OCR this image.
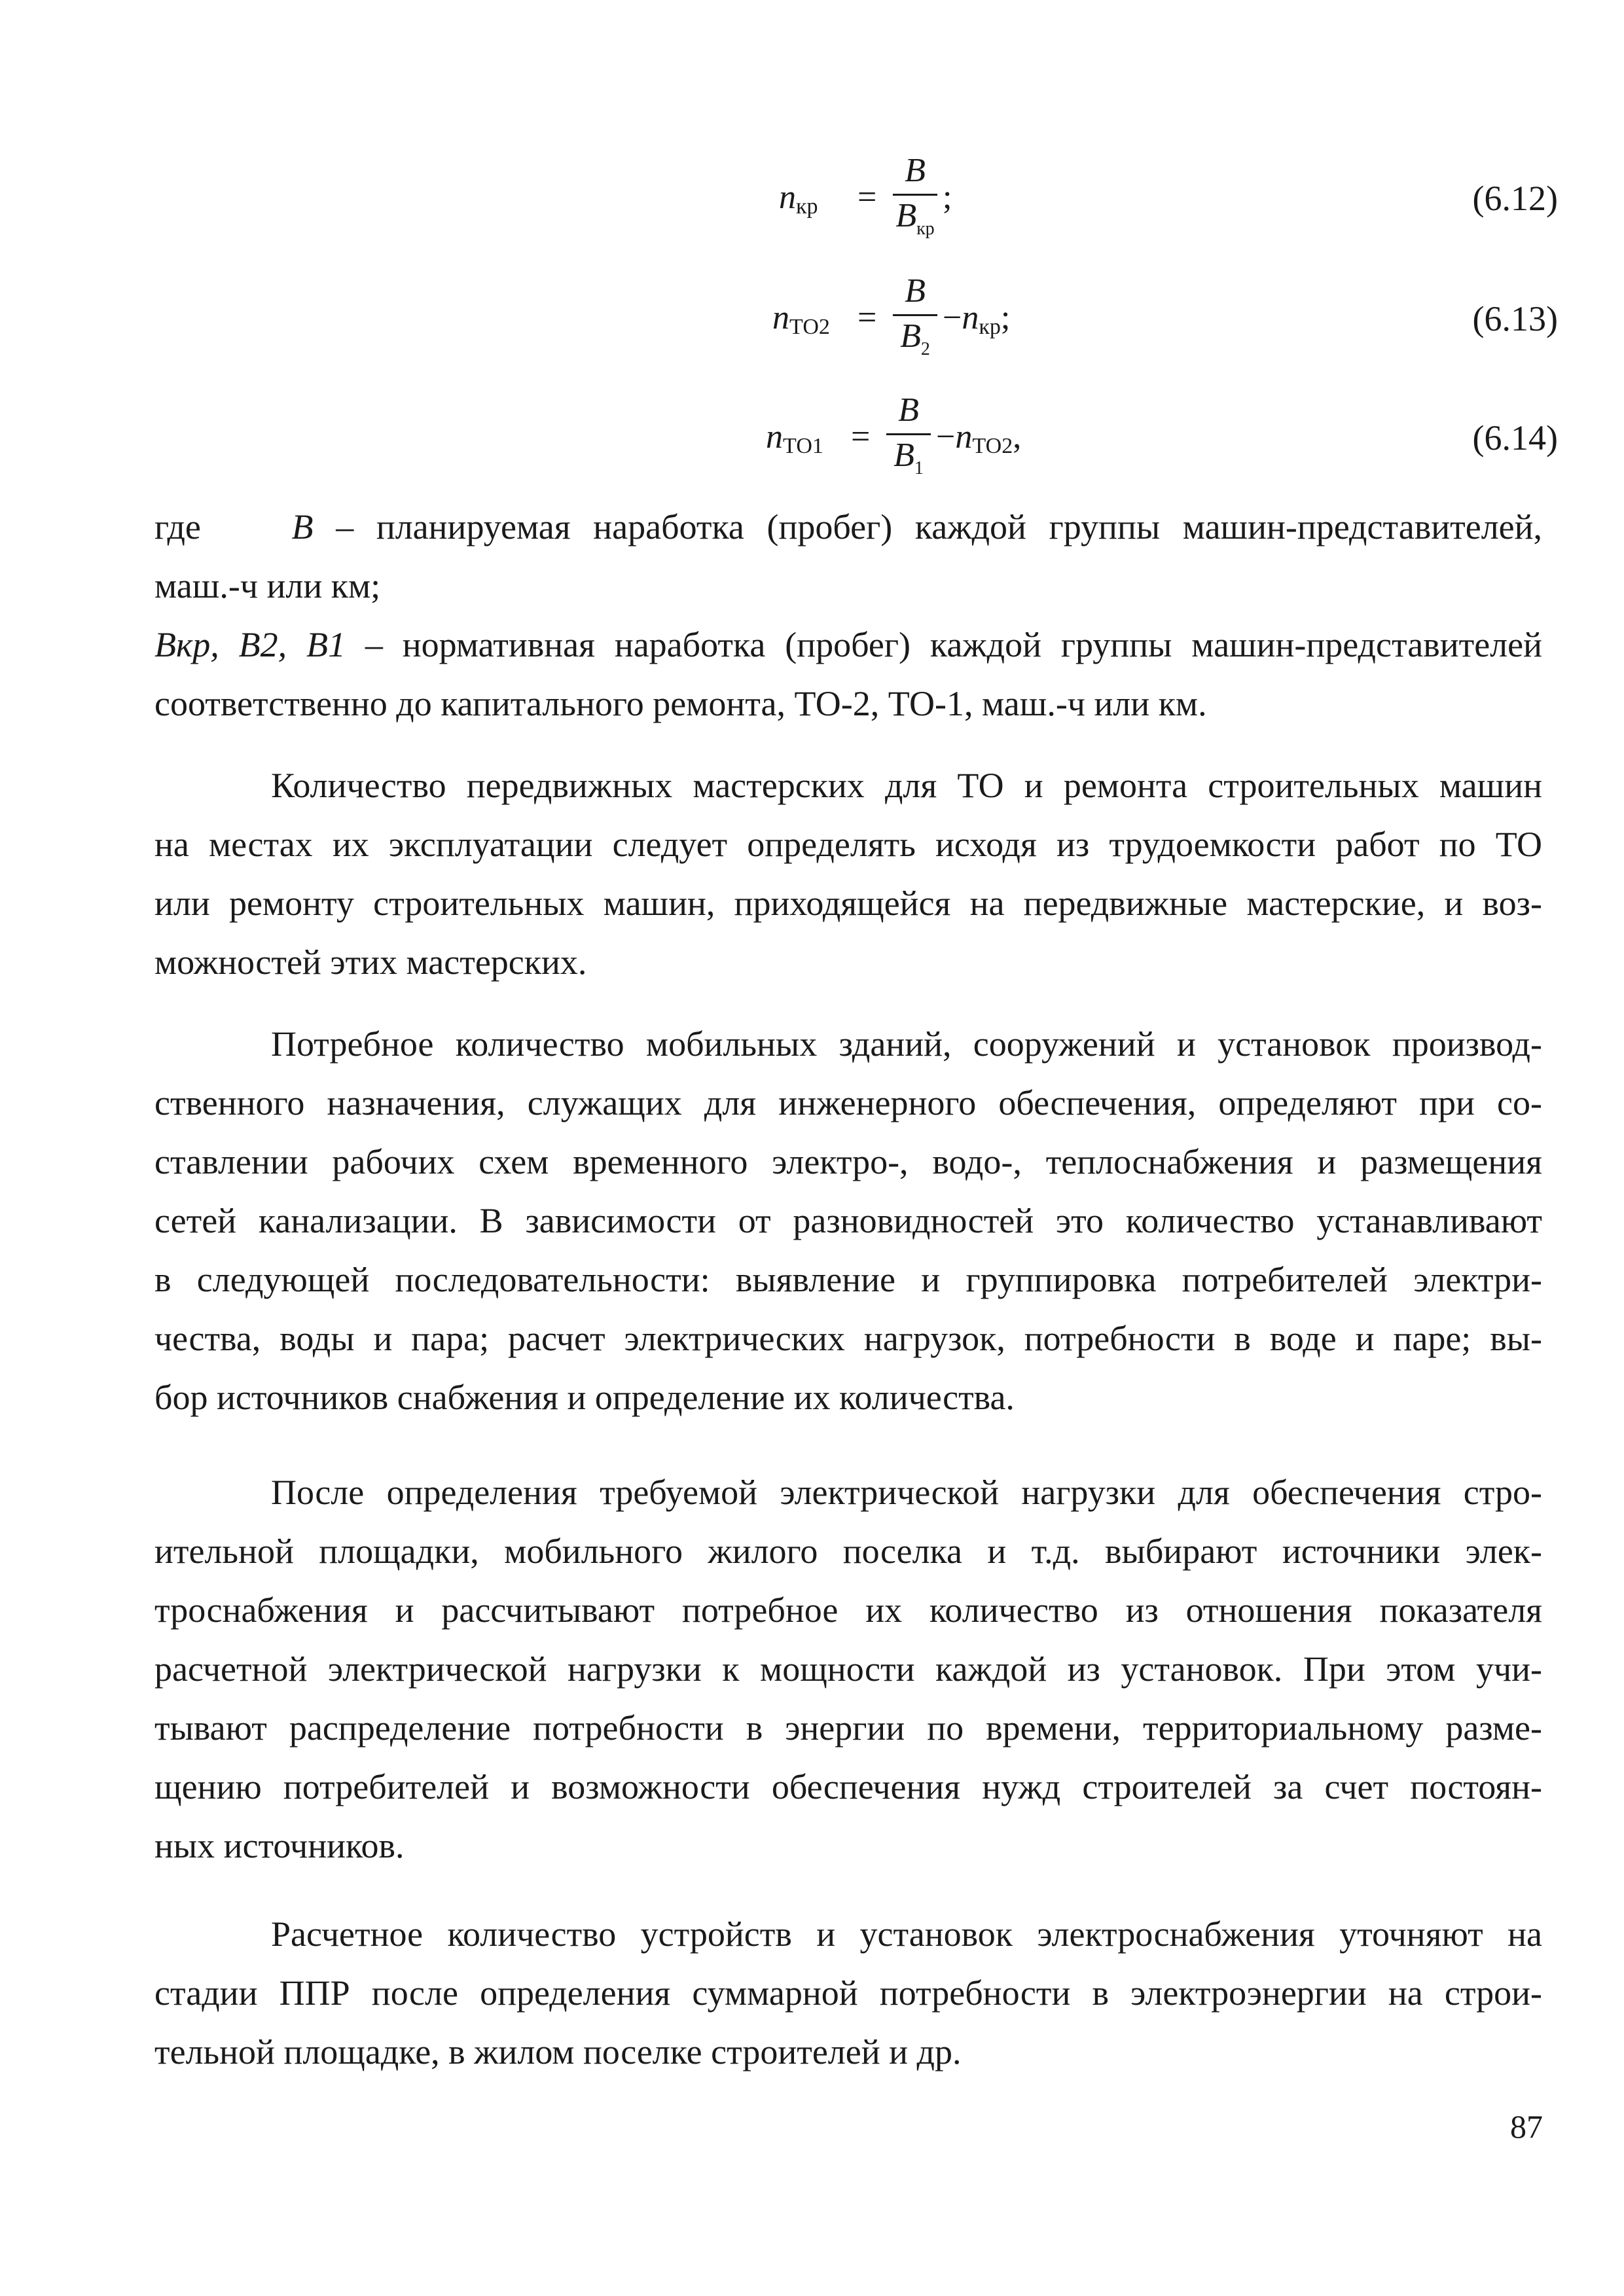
$n_{кр}$ =
B
$B_{кр}$
;	(6.12)
$n_{ТО2}$ =
B
$B_2$
$-n_{кр}$;	(6.13)
$n_{ТО1}$ =
B
$B_1$
$-n_{ТО2}$,	(6.14)
где	B – планируемая наработка (пробег) каждой группы машин-представителей,
маш.-ч или км;
Bкр, B2, B1 – нормативная наработка (пробег) каждой группы машин-представителей
соответственно до капитального ремонта, ТО-2, ТО-1, маш.-ч или км.
Количество передвижных мастерских для ТО и ремонта строительных машин
на местах их эксплуатации следует определять исходя из трудоемкости работ по ТО
или ремонту строительных машин, приходящейся на передвижные мастерские, и воз-
можностей этих мастерских.
Потребное количество мобильных зданий, сооружений и установок производ-
ственного назначения, служащих для инженерного обеспечения, определяют при со-
ставлении рабочих схем временного электро-, водо-, теплоснабжения и размещения
сетей канализации. В зависимости от разновидностей это количество устанавливают
в следующей последовательности: выявление и группировка потребителей электри-
чества, воды и пара; расчет электрических нагрузок, потребности в воде и паре; вы-
бор источников снабжения и определение их количества.
После определения требуемой электрической нагрузки для обеспечения стро-
ительной площадки, мобильного жилого поселка и т.д. выбирают источники элек-
троснабжения и рассчитывают потребное их количество из отношения показателя
расчетной электрической нагрузки к мощности каждой из установок. При этом учи-
тывают распределение потребности в энергии по времени, территориальному разме-
щению потребителей и возможности обеспечения нужд строителей за счет постоян-
ных источников.
Расчетное количество устройств и установок электроснабжения уточняют на
стадии ППР после определения суммарной потребности в электроэнергии на строи-
тельной площадке, в жилом поселке строителей и др.
87
